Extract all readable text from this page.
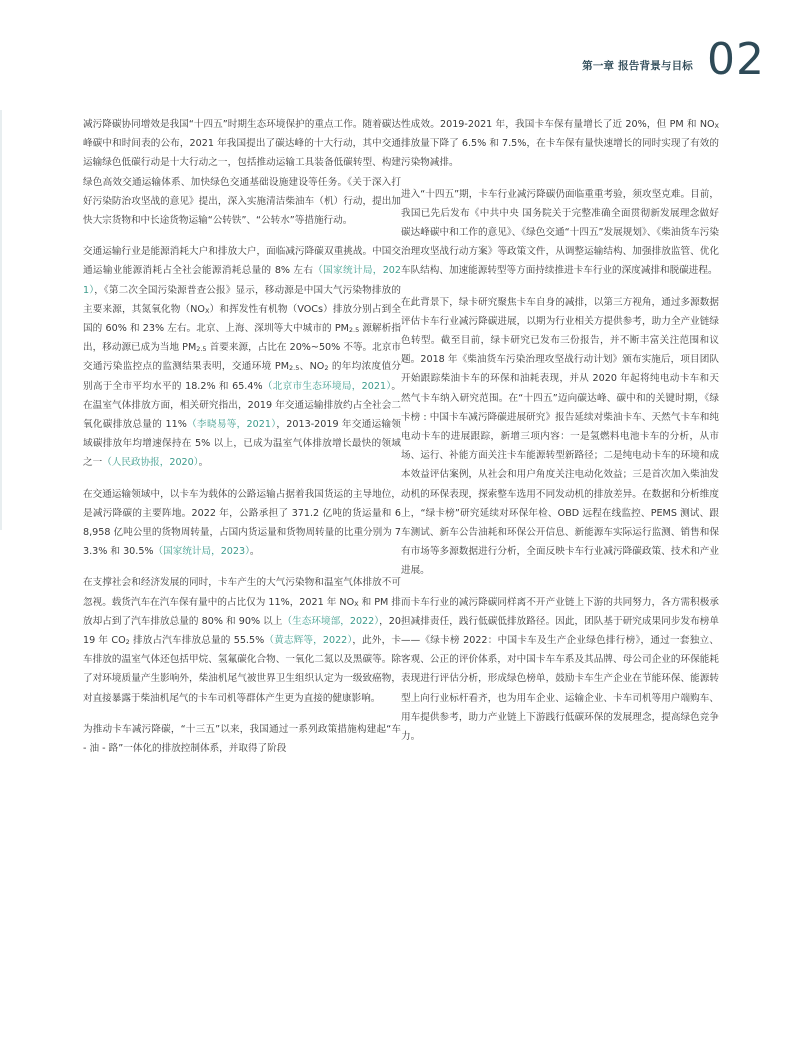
第一章 报告背景与目标 02

减污降碳协同增效是我国“十四五”时期生态环境保护的重点工作。随着碳达峰碳中和时间表的公布，2021 年我国提出了碳达峰的十大行动，其中交通运输绿色低碳行动是十大行动之一，包括推动运输工具装备低碳转型、构建绿色高效交通运输体系、加快绿色交通基础设施建设等任务。《关于深入打好污染防治攻坚战的意见》提出，深入实施清洁柴油车（机）行动，提出加快大宗货物和中长途货物运输“公转铁”、“公转水”等措施行动。

交通运输行业是能源消耗大户和排放大户，面临减污降碳双重挑战。中国交通运输业能源消耗占全社会能源消耗总量的 8% 左右（国家统计局，2021），《第二次全国污染源普查公报》显示，移动源是中国大气污染物排放的主要来源，其氮氧化物$(NO_X)$和挥发性有机物（VOCs）排放分别占到全国的 60% 和 23% 左右。北京、上海、深圳等大中城市的 $PM_{2.5}$ 源解析指出，移动源已成为当地 $PM_{2.5}$ 首要来源，占比在 20%~50% 不等。北京市交通污染监控点的监测结果表明，交通环境 $PM_{2.5}$、$NO_2$ 的年均浓度值分别高于全市平均水平的 18.2% 和 65.4%（北京市生态环境局，2021）。在温室气体排放方面，相关研究指出，2019 年交通运输排放约占全社会二氧化碳排放总量的 11%（李晓易等，2021），2013-2019 年交通运输领域碳排放年均增速保持在 5% 以上，已成为温室气体排放增长最快的领域之一（人民政协报，2020）。

在交通运输领域中，以卡车为载体的公路运输占据着我国货运的主导地位，是减污降碳的主要阵地。2022 年，公路承担了 371.2 亿吨的货运量和 68,958 亿吨公里的货物周转量，占国内货运量和货物周转量的比重分别为 73.3% 和 30.5%（国家统计局，2023）。

在支撑社会和经济发展的同时，卡车产生的大气污染物和温室气体排放不可忽视。载货汽车在汽车保有量中的占比仅为 11%，2021 年 $NO_X$ 和 PM 排放却占到了汽车排放总量的 80% 和 90% 以上（生态环境部，2022），2019 年 $CO_2$ 排放占汽车排放总量的 55.5%（黄志辉等，2022），此外，卡车排放的温室气体还包括甲烷、氢氟碳化合物、一氧化二氮以及黑碳等。除了对环境质量产生影响外，柴油机尾气被世界卫生组织认定为一级致癌物，对直接暴露于柴油机尾气的卡车司机等群体产生更为直接的健康影响。

为推动卡车减污降碳，“十三五”以来，我国通过一系列政策措施构建起“车 - 油 - 路”一体化的排放控制体系，并取得了阶段

性成效。2019-2021 年，我国卡车保有量增长了近 20%，但 PM 和 $NO_X$ 排放量下降了 6.5% 和 7.5%，在卡车保有量快速增长的同时实现了有效的污染物减排。

进入“十四五”期，卡车行业减污降碳仍面临重重考验，须攻坚克难。目前，我国已先后发布《中共中央 国务院关于完整准确全面贯彻新发展理念做好碳达峰碳中和工作的意见》、《绿色交通“十四五”发展规划》、《柴油货车污染治理攻坚战行动方案》等政策文件，从调整运输结构、加强排放监管、优化车队结构、加速能源转型等方面持续推进卡车行业的深度减排和脱碳进程。

在此背景下，绿卡研究聚焦卡车自身的减排，以第三方视角，通过多源数据评估卡车行业减污降碳进展，以期为行业相关方提供参考，助力全产业链绿色转型。截至目前，绿卡研究已发布三份报告，并不断丰富关注范围和议题。2018 年《柴油货车污染治理攻坚战行动计划》颁布实施后，项目团队开始跟踪柴油卡车的环保和油耗表现，并从 2020 年起将纯电动卡车和天然气卡车纳入研究范围。在“十四五”迈向碳达峰、碳中和的关键时期，《绿卡榜 : 中国卡车减污降碳进展研究》报告延续对柴油卡车、天然气卡车和纯电动卡车的进展跟踪，新增三项内容：一是氢燃料电池卡车的分析，从市场、运行、补能方面关注卡车能源转型新路径；二是纯电动卡车的环境和成本效益评估案例，从社会和用户角度关注电动化效益；三是首次加入柴油发动机的环保表现，探索整车选用不同发动机的排放差异。在数据和分析维度上，“绿卡榜”研究延续对环保年检、OBD 远程在线监控、PEMS 测试、跟车测试、新车公告油耗和环保公开信息、新能源车实际运行监测、销售和保有市场等多源数据进行分析，全面反映卡车行业减污降碳政策、技术和产业进展。

而卡车行业的减污降碳同样离不开产业链上下游的共同努力，各方需积极承担减排责任，践行低碳低排放路径。因此，团队基于研究成果同步发布榜单——《绿卡榜 2022：中国卡车及生产企业绿色排行榜》，通过一套独立、客观、公正的评价体系，对中国卡车车系及其品牌、母公司企业的环保能耗表现进行评估分析，形成绿色榜单，鼓励卡车生产企业在节能环保、能源转型上向行业标杆看齐，也为用车企业、运输企业、卡车司机等用户端购车、用车提供参考，助力产业链上下游践行低碳环保的发展理念，提高绿色竞争力。
